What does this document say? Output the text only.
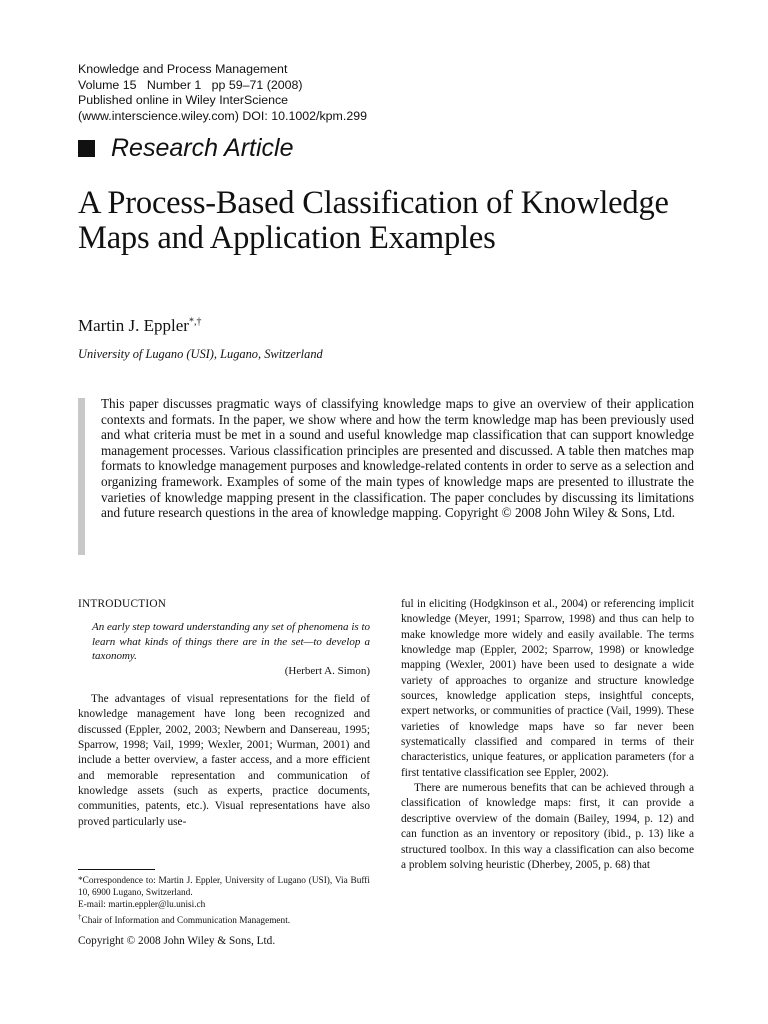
Knowledge and Process Management
Volume 15   Number 1   pp 59–71 (2008)
Published online in Wiley InterScience
(www.interscience.wiley.com) DOI: 10.1002/kpm.299
Research Article
A Process-Based Classification of Knowledge Maps and Application Examples
Martin J. Eppler*,†
University of Lugano (USI), Lugano, Switzerland
This paper discusses pragmatic ways of classifying knowledge maps to give an overview of their application contexts and formats. In the paper, we show where and how the term knowledge map has been previously used and what criteria must be met in a sound and useful knowledge map classification that can support knowledge management processes. Various classification principles are presented and discussed. A table then matches map formats to knowledge management purposes and knowledge-related contents in order to serve as a selection and organizing framework. Examples of some of the main types of knowledge maps are presented to illustrate the varieties of knowledge mapping present in the classification. The paper concludes by discussing its limitations and future research questions in the area of knowledge mapping. Copyright © 2008 John Wiley & Sons, Ltd.
INTRODUCTION
An early step toward understanding any set of phenomena is to learn what kinds of things there are in the set—to develop a taxonomy.
(Herbert A. Simon)
The advantages of visual representations for the field of knowledge management have long been recognized and discussed (Eppler, 2002, 2003; Newbern and Dansereau, 1995; Sparrow, 1998; Vail, 1999; Wexler, 2001; Wurman, 2001) and include a better overview, a faster access, and a more efficient and memorable representation and communication of knowledge assets (such as experts, practice documents, communities, patents, etc.). Visual representations have also proved particularly use-
ful in eliciting (Hodgkinson et al., 2004) or referencing implicit knowledge (Meyer, 1991; Sparrow, 1998) and thus can help to make knowledge more widely and easily available. The terms knowledge map (Eppler, 2002; Sparrow, 1998) or knowledge mapping (Wexler, 2001) have been used to designate a wide variety of approaches to organize and structure knowledge sources, knowledge application steps, insightful concepts, expert networks, or communities of practice (Vail, 1999). These varieties of knowledge maps have so far never been systematically classified and compared in terms of their characteristics, unique features, or application parameters (for a first tentative classification see Eppler, 2002).
There are numerous benefits that can be achieved through a classification of knowledge maps: first, it can provide a descriptive overview of the domain (Bailey, 1994, p. 12) and can function as an inventory or repository (ibid., p. 13) like a structured toolbox. In this way a classification can also become a problem solving heuristic (Dherbey, 2005, p. 68) that
*Correspondence to: Martin J. Eppler, University of Lugano (USI), Via Buffi 10, 6900 Lugano, Switzerland.
E-mail: martin.eppler@lu.unisi.ch
†Chair of Information and Communication Management.
Copyright © 2008 John Wiley & Sons, Ltd.
